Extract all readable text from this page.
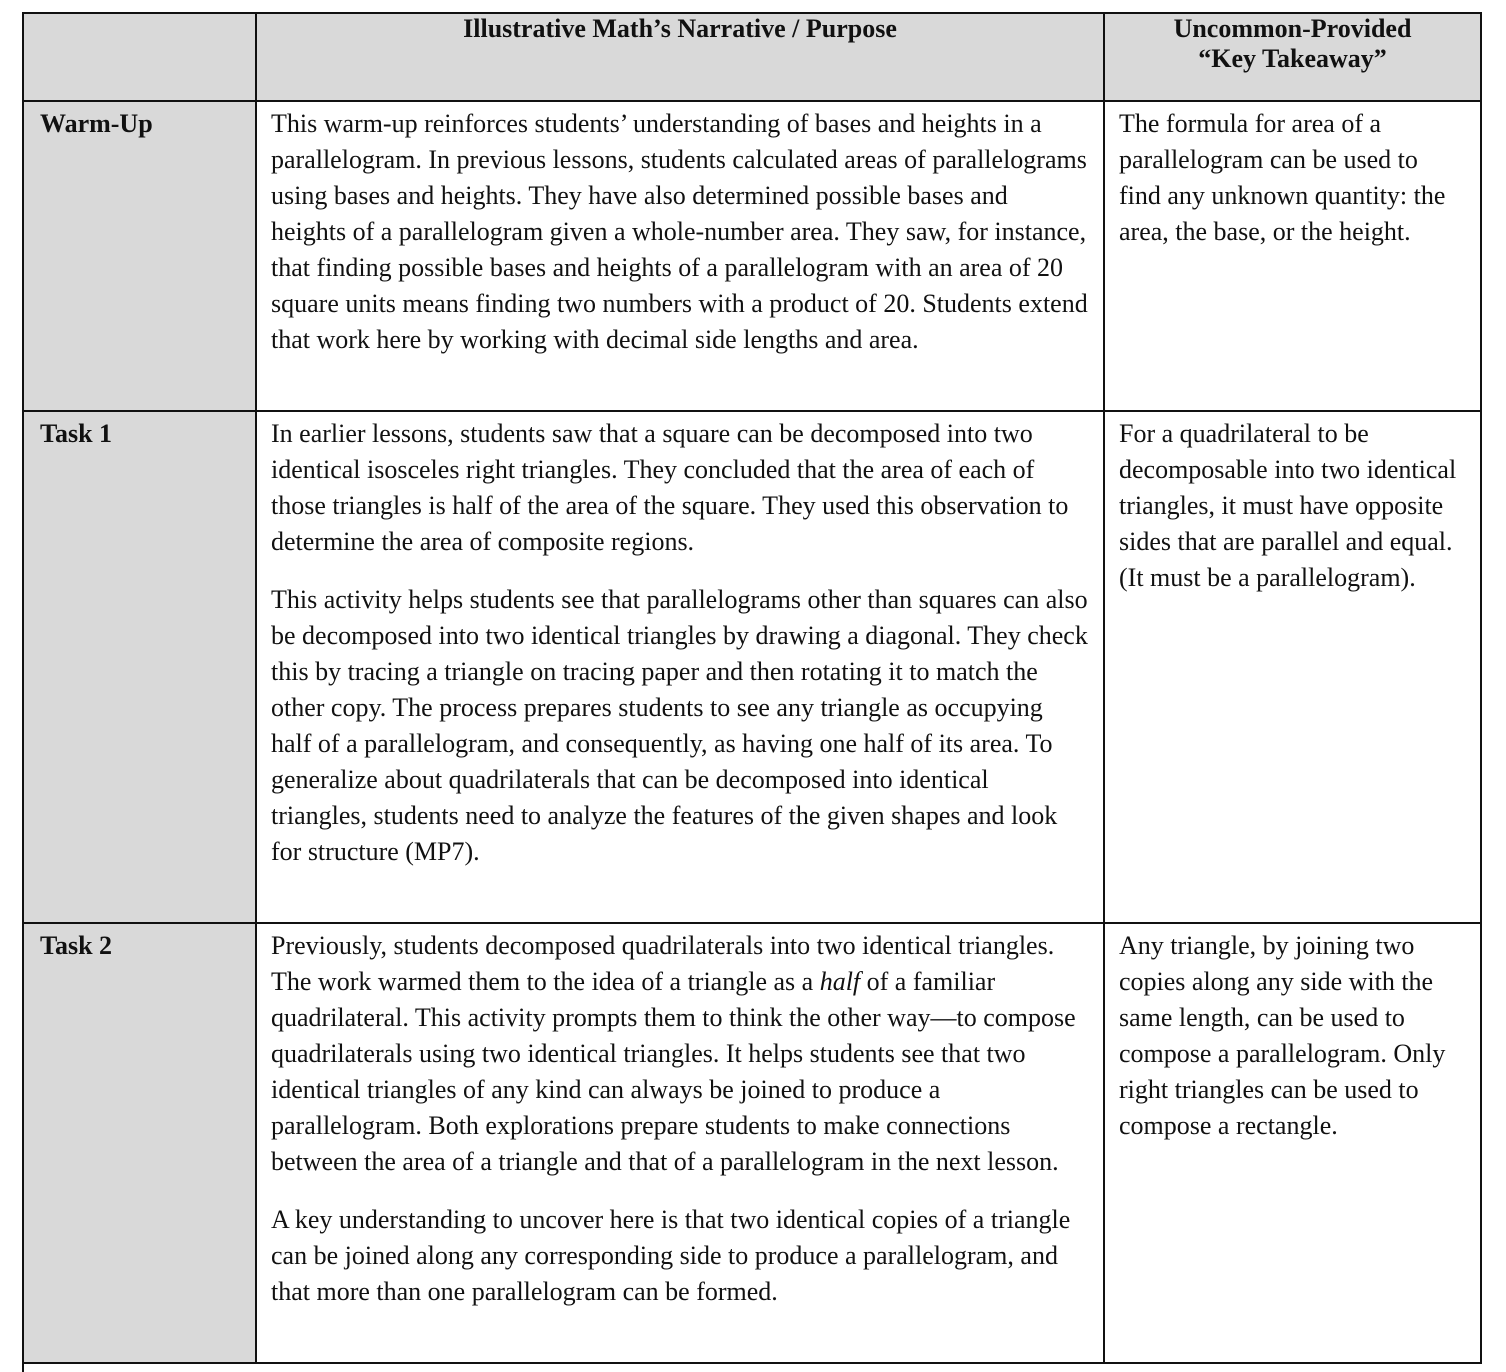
	Illustrative Math’s Narrative / Purpose	Uncommon-Provided
“Key Takeaway”
Warm-Up	This warm-up reinforces students’ understanding of bases and heights in a parallelogram. In previous lessons, students calculated areas of parallelograms using bases and heights. They have also determined possible bases and heights of a parallelogram given a whole-number area. They saw, for instance, that finding possible bases and heights of a parallelogram with an area of 20 square units means finding two numbers with a product of 20. Students extend that work here by working with decimal side lengths and area.	The formula for area of a parallelogram can be used to find any unknown quantity: the area, the base, or the height.

Task 1	In earlier lessons, students saw that a square can be decomposed into two identical isosceles right triangles. They concluded that the area of each of those triangles is half of the area of the square. They used this observation to determine the area of composite regions.

This activity helps students see that parallelograms other than squares can also be decomposed into two identical triangles by drawing a diagonal. They check this by tracing a triangle on tracing paper and then rotating it to match the other copy. The process prepares students to see any triangle as occupying half of a parallelogram, and consequently, as having one half of its area. To generalize about quadrilaterals that can be decomposed into identical triangles, students need to analyze the features of the given shapes and look for structure (MP7).	For a quadrilateral to be decomposable into two identical triangles, it must have opposite sides that are parallel and equal. (It must be a parallelogram).

Task 2	Previously, students decomposed quadrilaterals into two identical triangles. The work warmed them to the idea of a triangle as a half of a familiar quadrilateral. This activity prompts them to think the other way—to compose quadrilaterals using two identical triangles. It helps students see that two identical triangles of any kind can always be joined to produce a parallelogram. Both explorations prepare students to make connections between the area of a triangle and that of a parallelogram in the next lesson.

A key understanding to uncover here is that two identical copies of a triangle can be joined along any corresponding side to produce a parallelogram, and that more than one parallelogram can be formed.	Any triangle, by joining two copies along any side with the same length, can be used to compose a parallelogram. Only right triangles can be used to compose a rectangle.
